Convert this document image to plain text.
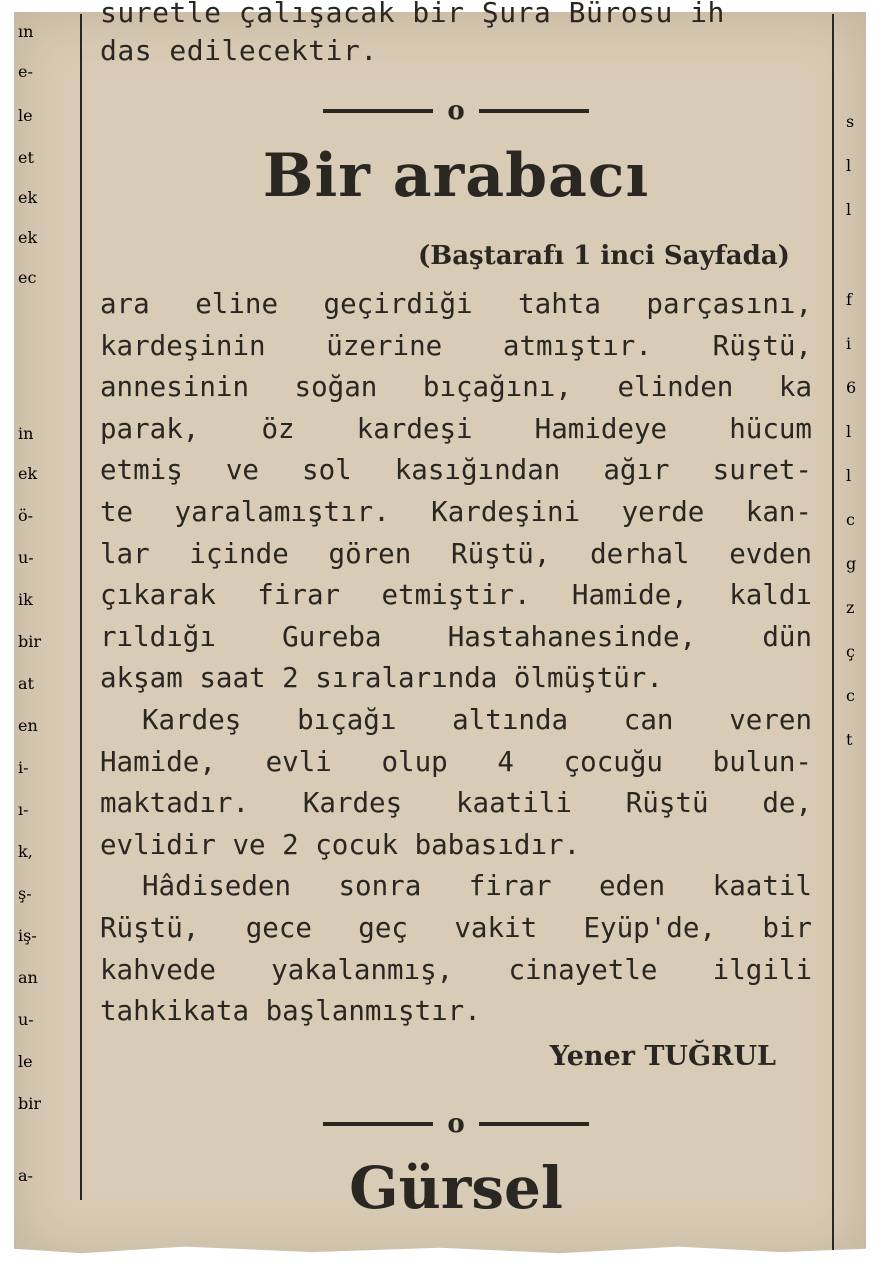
ın
e-
le
et
ek
ek
ec
in
ek
ö-
u-
ik
bir
at
en
i-
ı-
k,
ş-
iş-
an
u-
le
bir
a-
s
l
l
f
i
6
l
l
c
g
z
ç
c
t
suretle çalışacak bir Şura Bürosu ih
das edilecektir.
o
Bir arabacı
(Baştarafı 1 inci Sayfada)
ara eline geçirdiği tahta parçasını,
kardeşinin üzerine atmıştır. Rüştü,
annesinin soğan bıçağını, elinden ka
parak, öz kardeşi Hamideye hücum
etmiş ve sol kasığından ağır suret-
te yaralamıştır. Kardeşini yerde kan-
lar içinde gören Rüştü, derhal evden
çıkarak firar etmiştir. Hamide, kaldı
rıldığı Gureba Hastahanesinde, dün
akşam saat 2 sıralarında ölmüştür.
Kardeş bıçağı altında can veren
Hamide, evli olup 4 çocuğu bulun-
maktadır. Kardeş kaatili Rüştü de,
evlidir ve 2 çocuk babasıdır.
Hâdiseden sonra firar eden kaatil
Rüştü, gece geç vakit Eyüp'de, bir
kahvede yakalanmış, cinayetle ilgili
tahkikata başlanmıştır.
Yener TUĞRUL
o
Gürsel
